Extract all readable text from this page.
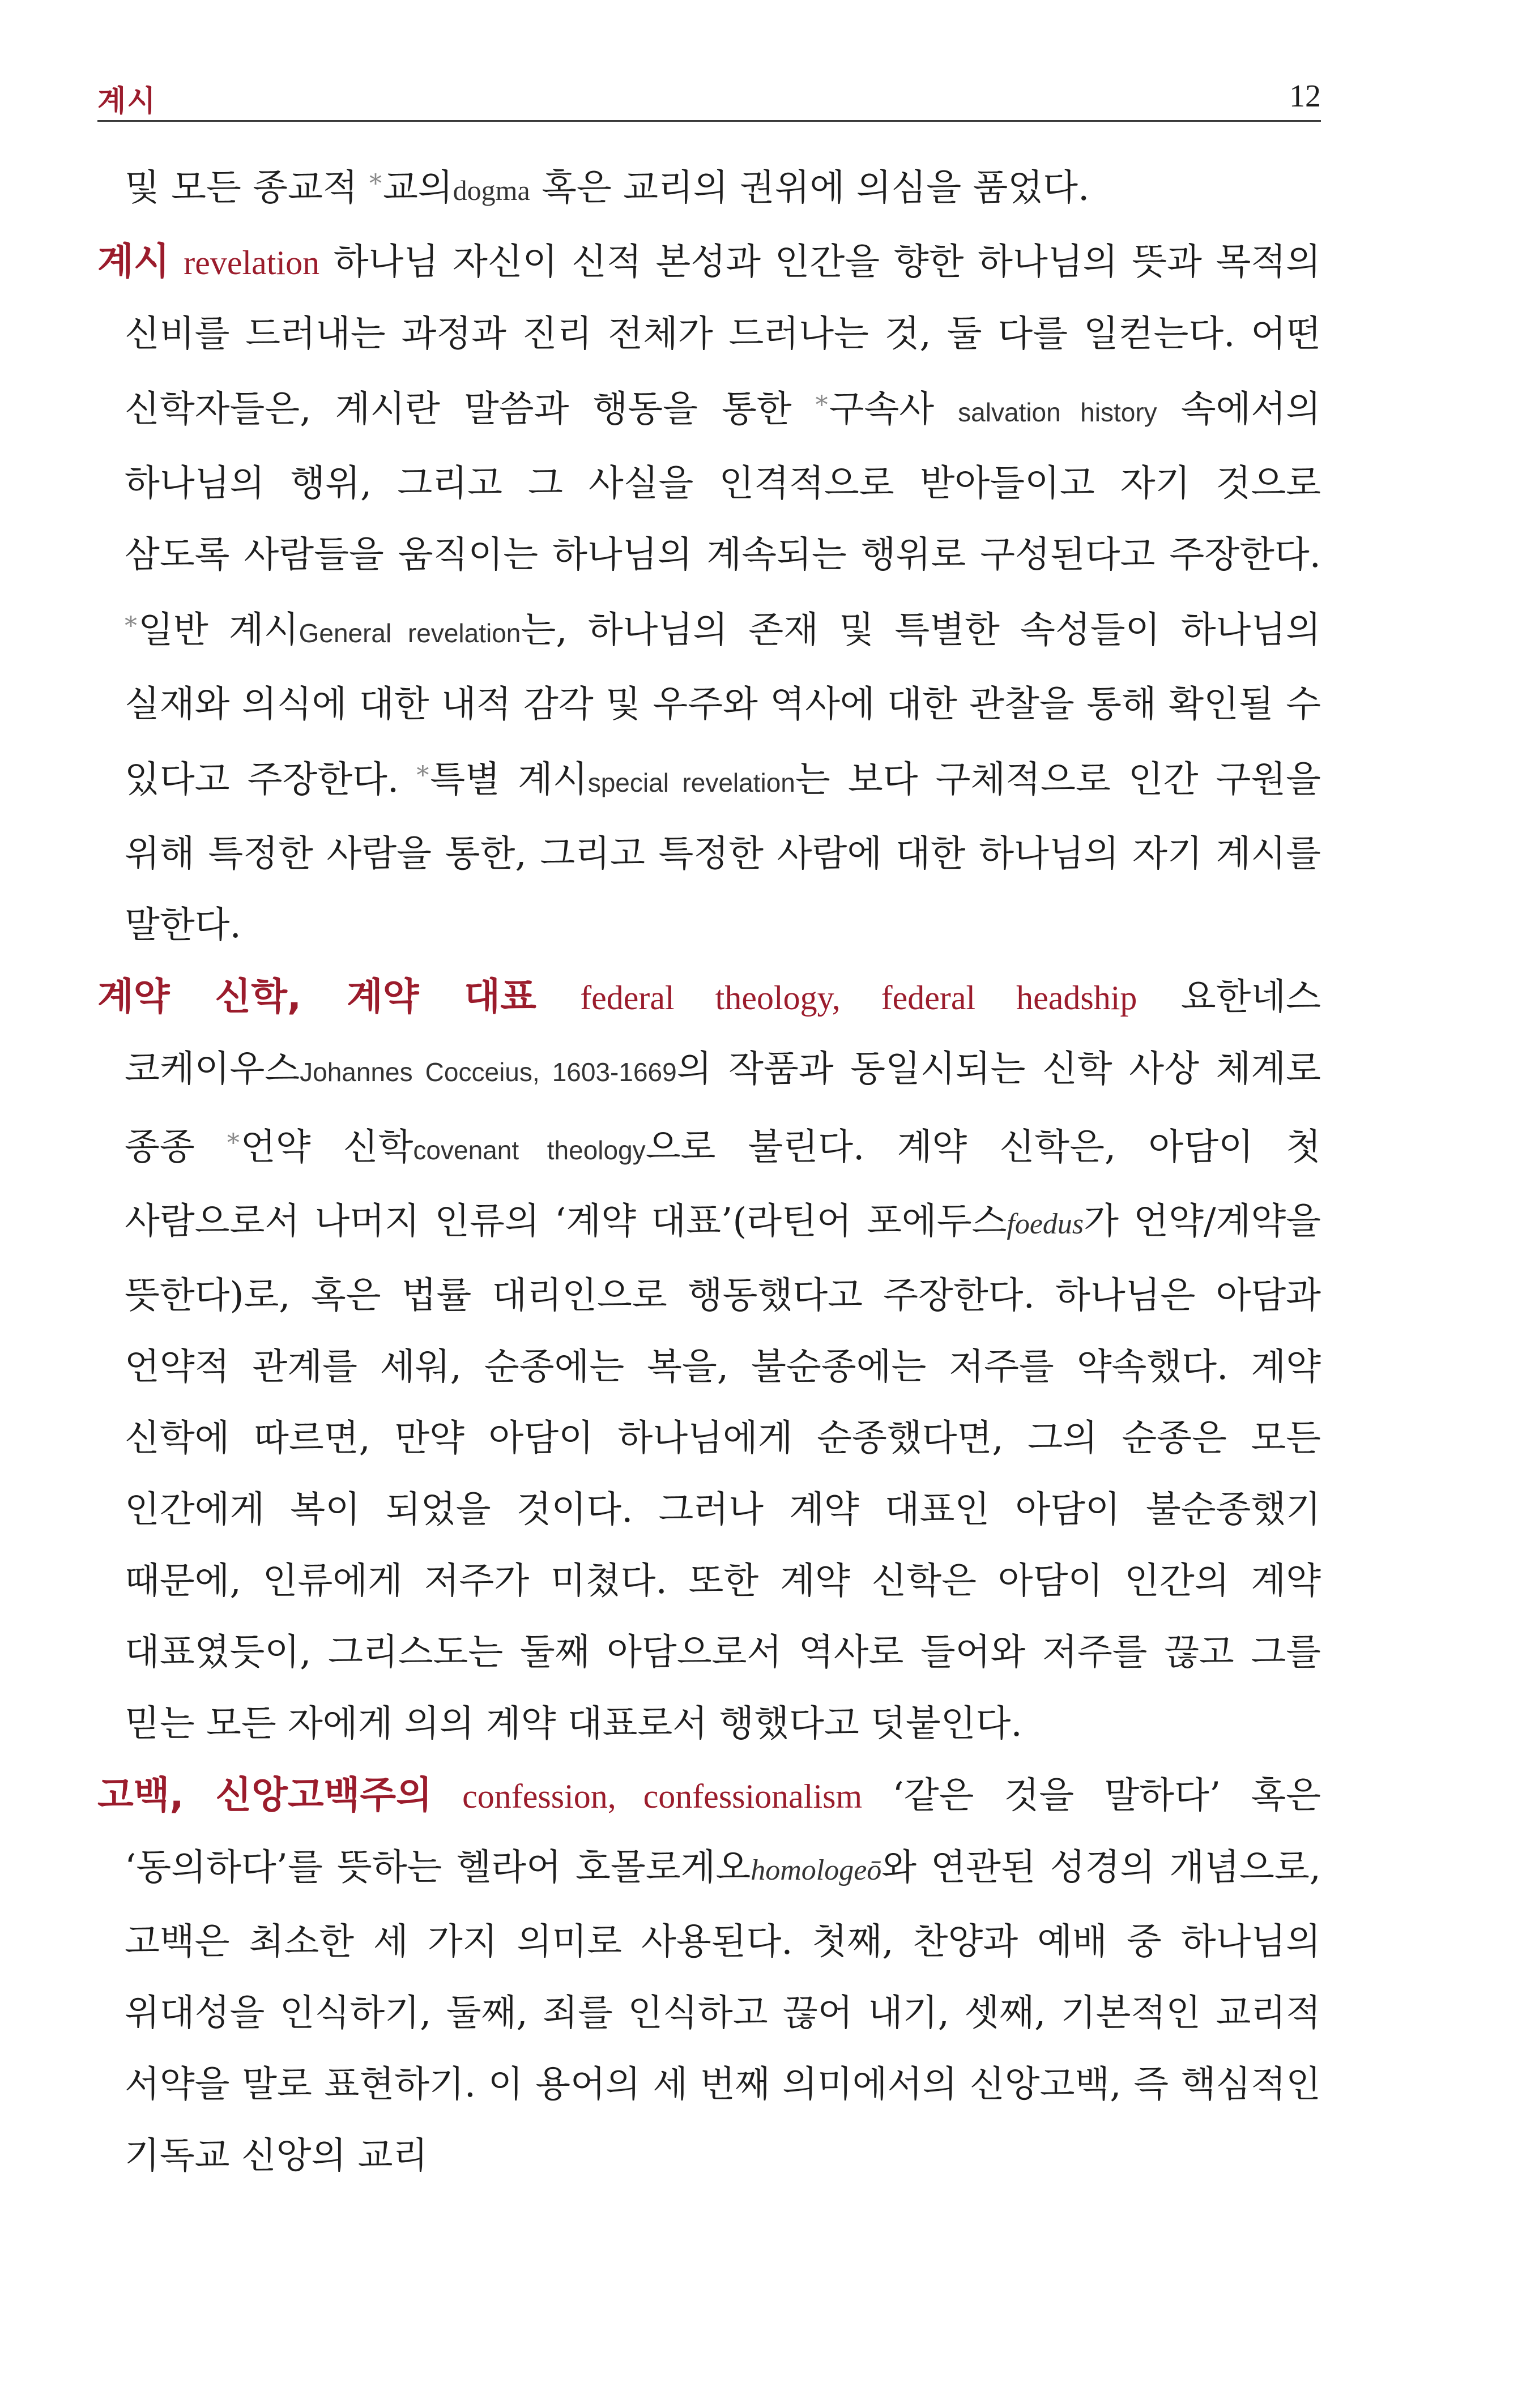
계시	12

및 모든 종교적 *교의dogma 혹은 교리의 권위에 의심을 품었다.

계시 revelation 하나님 자신이 신적 본성과 인간을 향한 하나님의 뜻과 목적의 신비를 드러내는 과정과 진리 전체가 드러나는 것, 둘 다를 일컫는다. 어떤 신학자들은, 계시란 말씀과 행동을 통한 *구속사 salvation history 속에서의 하나님의 행위, 그리고 그 사실을 인격적으로 받아들이고 자기 것으로 삼도록 사람들을 움직이는 하나님의 계속되는 행위로 구성된다고 주장한다. *일반 계시General revelation는, 하나님의 존재 및 특별한 속성들이 하나님의 실재와 의식에 대한 내적 감각 및 우주와 역사에 대한 관찰을 통해 확인될 수 있다고 주장한다. *특별 계시special revelation는 보다 구체적으로 인간 구원을 위해 특정한 사람을 통한, 그리고 특정한 사람에 대한 하나님의 자기 계시를 말한다.

계약 신학, 계약 대표 federal theology, federal headship 요한네스 코케이우스Johannes Cocceius, 1603-1669의 작품과 동일시되는 신학 사상 체계로 종종 *언약 신학covenant theology으로 불린다. 계약 신학은, 아담이 첫 사람으로서 나머지 인류의 ‘계약 대표’(라틴어 포에두스foedus가 언약/계약을 뜻한다)로, 혹은 법률 대리인으로 행동했다고 주장한다. 하나님은 아담과 언약적 관계를 세워, 순종에는 복을, 불순종에는 저주를 약속했다. 계약 신학에 따르면, 만약 아담이 하나님에게 순종했다면, 그의 순종은 모든 인간에게 복이 되었을 것이다. 그러나 계약 대표인 아담이 불순종했기 때문에, 인류에게 저주가 미쳤다. 또한 계약 신학은 아담이 인간의 계약 대표였듯이, 그리스도는 둘째 아담으로서 역사로 들어와 저주를 끊고 그를 믿는 모든 자에게 의의 계약 대표로서 행했다고 덧붙인다.

고백, 신앙고백주의 confession, confessionalism ‘같은 것을 말하다’ 혹은 ‘동의하다’를 뜻하는 헬라어 호몰로게오homologeō와 연관된 성경의 개념으로, 고백은 최소한 세 가지 의미로 사용된다. 첫째, 찬양과 예배 중 하나님의 위대성을 인식하기, 둘째, 죄를 인식하고 끊어 내기, 셋째, 기본적인 교리적 서약을 말로 표현하기. 이 용어의 세 번째 의미에서의 신앙고백, 즉 핵심적인 기독교 신앙의 교리
